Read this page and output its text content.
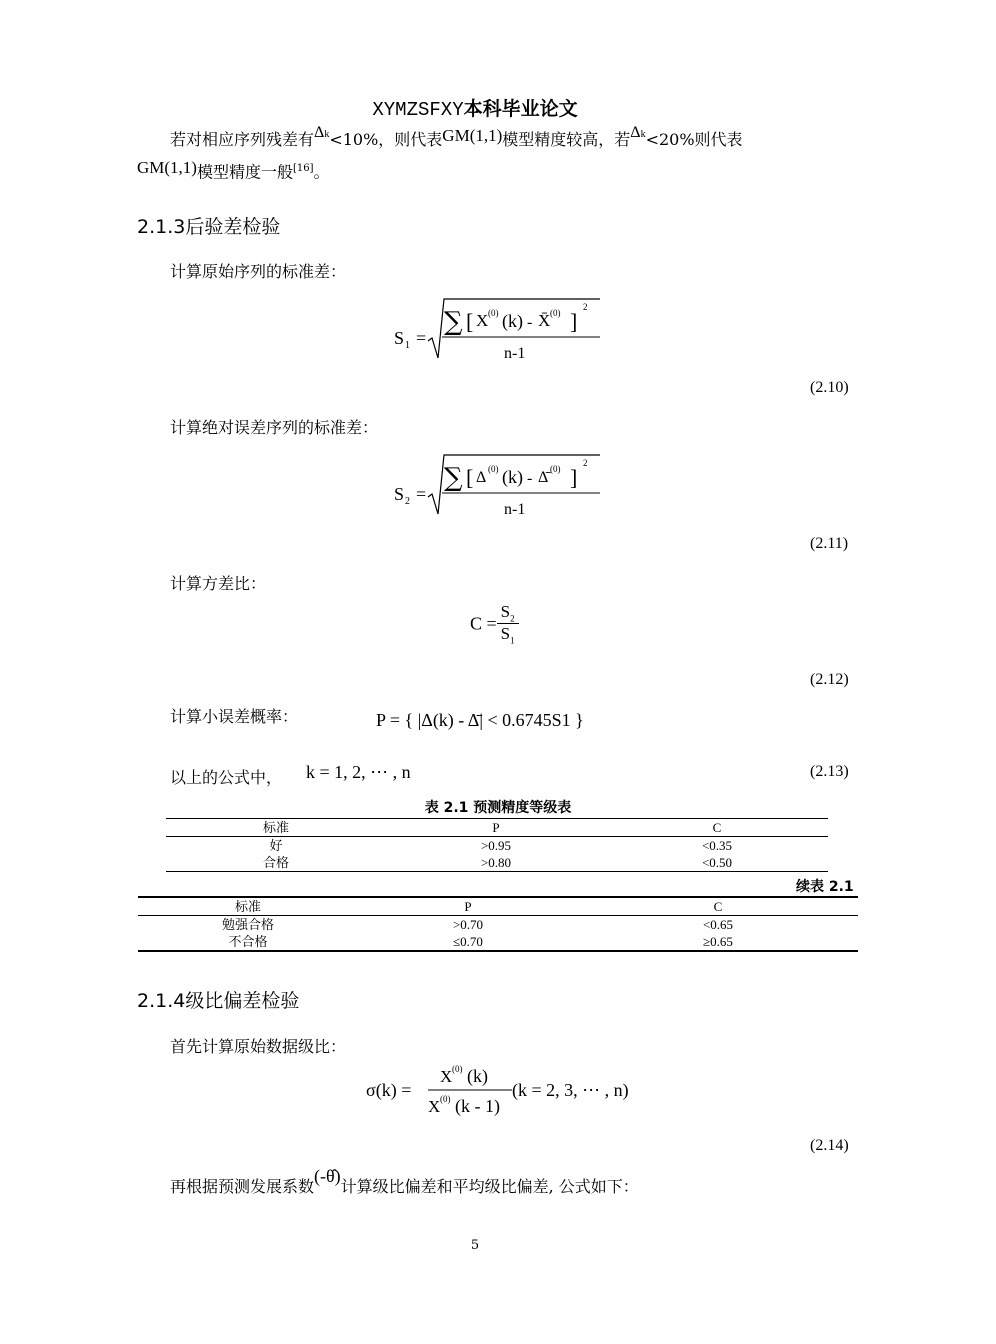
XYMZSFXY本科毕业论文
若对相应序列残差有Δk<10%，则代表GM(1,1)模型精度较高，若Δk<20%则代表
GM(1,1)模型精度一般[16]。
2.1.3后验差检验
计算原始序列的标准差：
S 1 =
∑ [ X (0) (k) - X̄ (0) ]
2
n-1
(2.10)
计算绝对误差序列的标准差：
S 2 =
∑ [ Δ (0) (k) - Δ̄ (0) ]
2
n-1
(2.11)
计算方差比：
$C = \frac{S_2}{S_1}$
(2.12)
计算小误差概率：	P = { |Δ(k) - Δ̄| < 0.6745S1 }
以上的公式中， k = 1, 2, ⋯ , n	(2.13)
表 2.1 预测精度等级表
标准	P	C
好	>0.95	<0.35
合格	>0.80	<0.50
续表 2.1
标准	P	C
勉强合格	>0.70	<0.65
不合格	≤0.70	≥0.65
2.1.4级比偏差检验
首先计算原始数据级比：
σ(k) =
X (0) (k)
X (0) (k - 1)
(k = 2, 3, ⋯ , n)
(2.14)
再根据预测发展系数(-θ̂)计算级比偏差和平均级比偏差, 公式如下：
5
